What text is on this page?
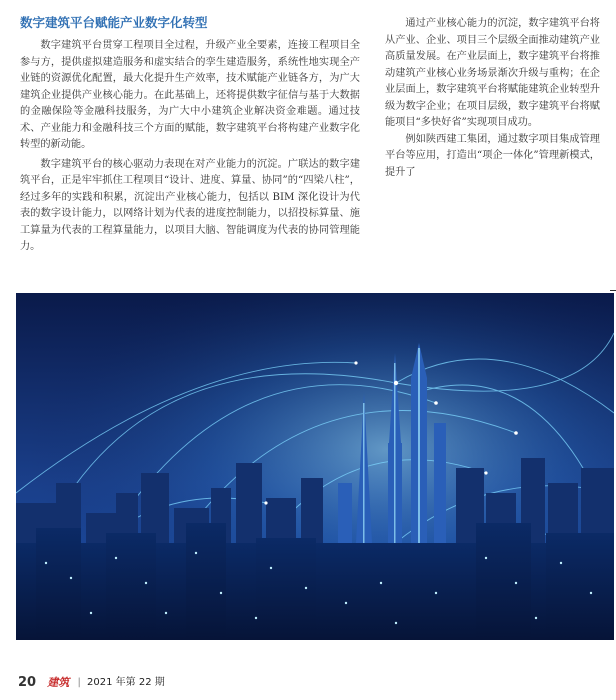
数字建筑平台赋能产业数字化转型

数字建筑平台贯穿工程项目全过程，升级产业全要素，连接工程项目全参与方，提供虚拟建造服务和虚实结合的孪生建造服务，系统性地实现全产业链的资源优化配置，最大化提升生产效率，技术赋能产业链各方，为广大建筑企业提供产业核心能力。在此基础上，还将提供数字征信与基于大数据的金融保险等金融科技服务，为广大中小建筑企业解决资金难题。通过技术、产业能力和金融科技三个方面的赋能，数字建筑平台将构建产业数字化转型的新动能。

数字建筑平台的核心驱动力表现在对产业能力的沉淀。广联达的数字建筑平台，正是牢牢抓住工程项目“设计、进度、算量、协同”的“四梁八柱”，经过多年的实践和积累，沉淀出产业核心能力，包括以 BIM 深化设计为代表的数字设计能力，以网络计划为代表的进度控制能力，以招投标算量、施工算量为代表的工程算量能力，以项目大脑、智能调度为代表的协同管理能力。

通过产业核心能力的沉淀，数字建筑平台将从产业、企业、项目三个层级全面推动建筑产业高质量发展。在产业层面上，数字建筑平台将推动建筑产业核心业务场景渐次升级与重构；在企业层面上，数字建筑平台将赋能建筑企业转型升级为数字企业；在项目层级，数字建筑平台将赋能项目“多快好省”实现项目成功。

例如陕西建工集团，通过数字项目集成管理平台等应用，打造出“项企一体化”管理新模式，提升了

20 建筑 | 2021 年第 22 期
